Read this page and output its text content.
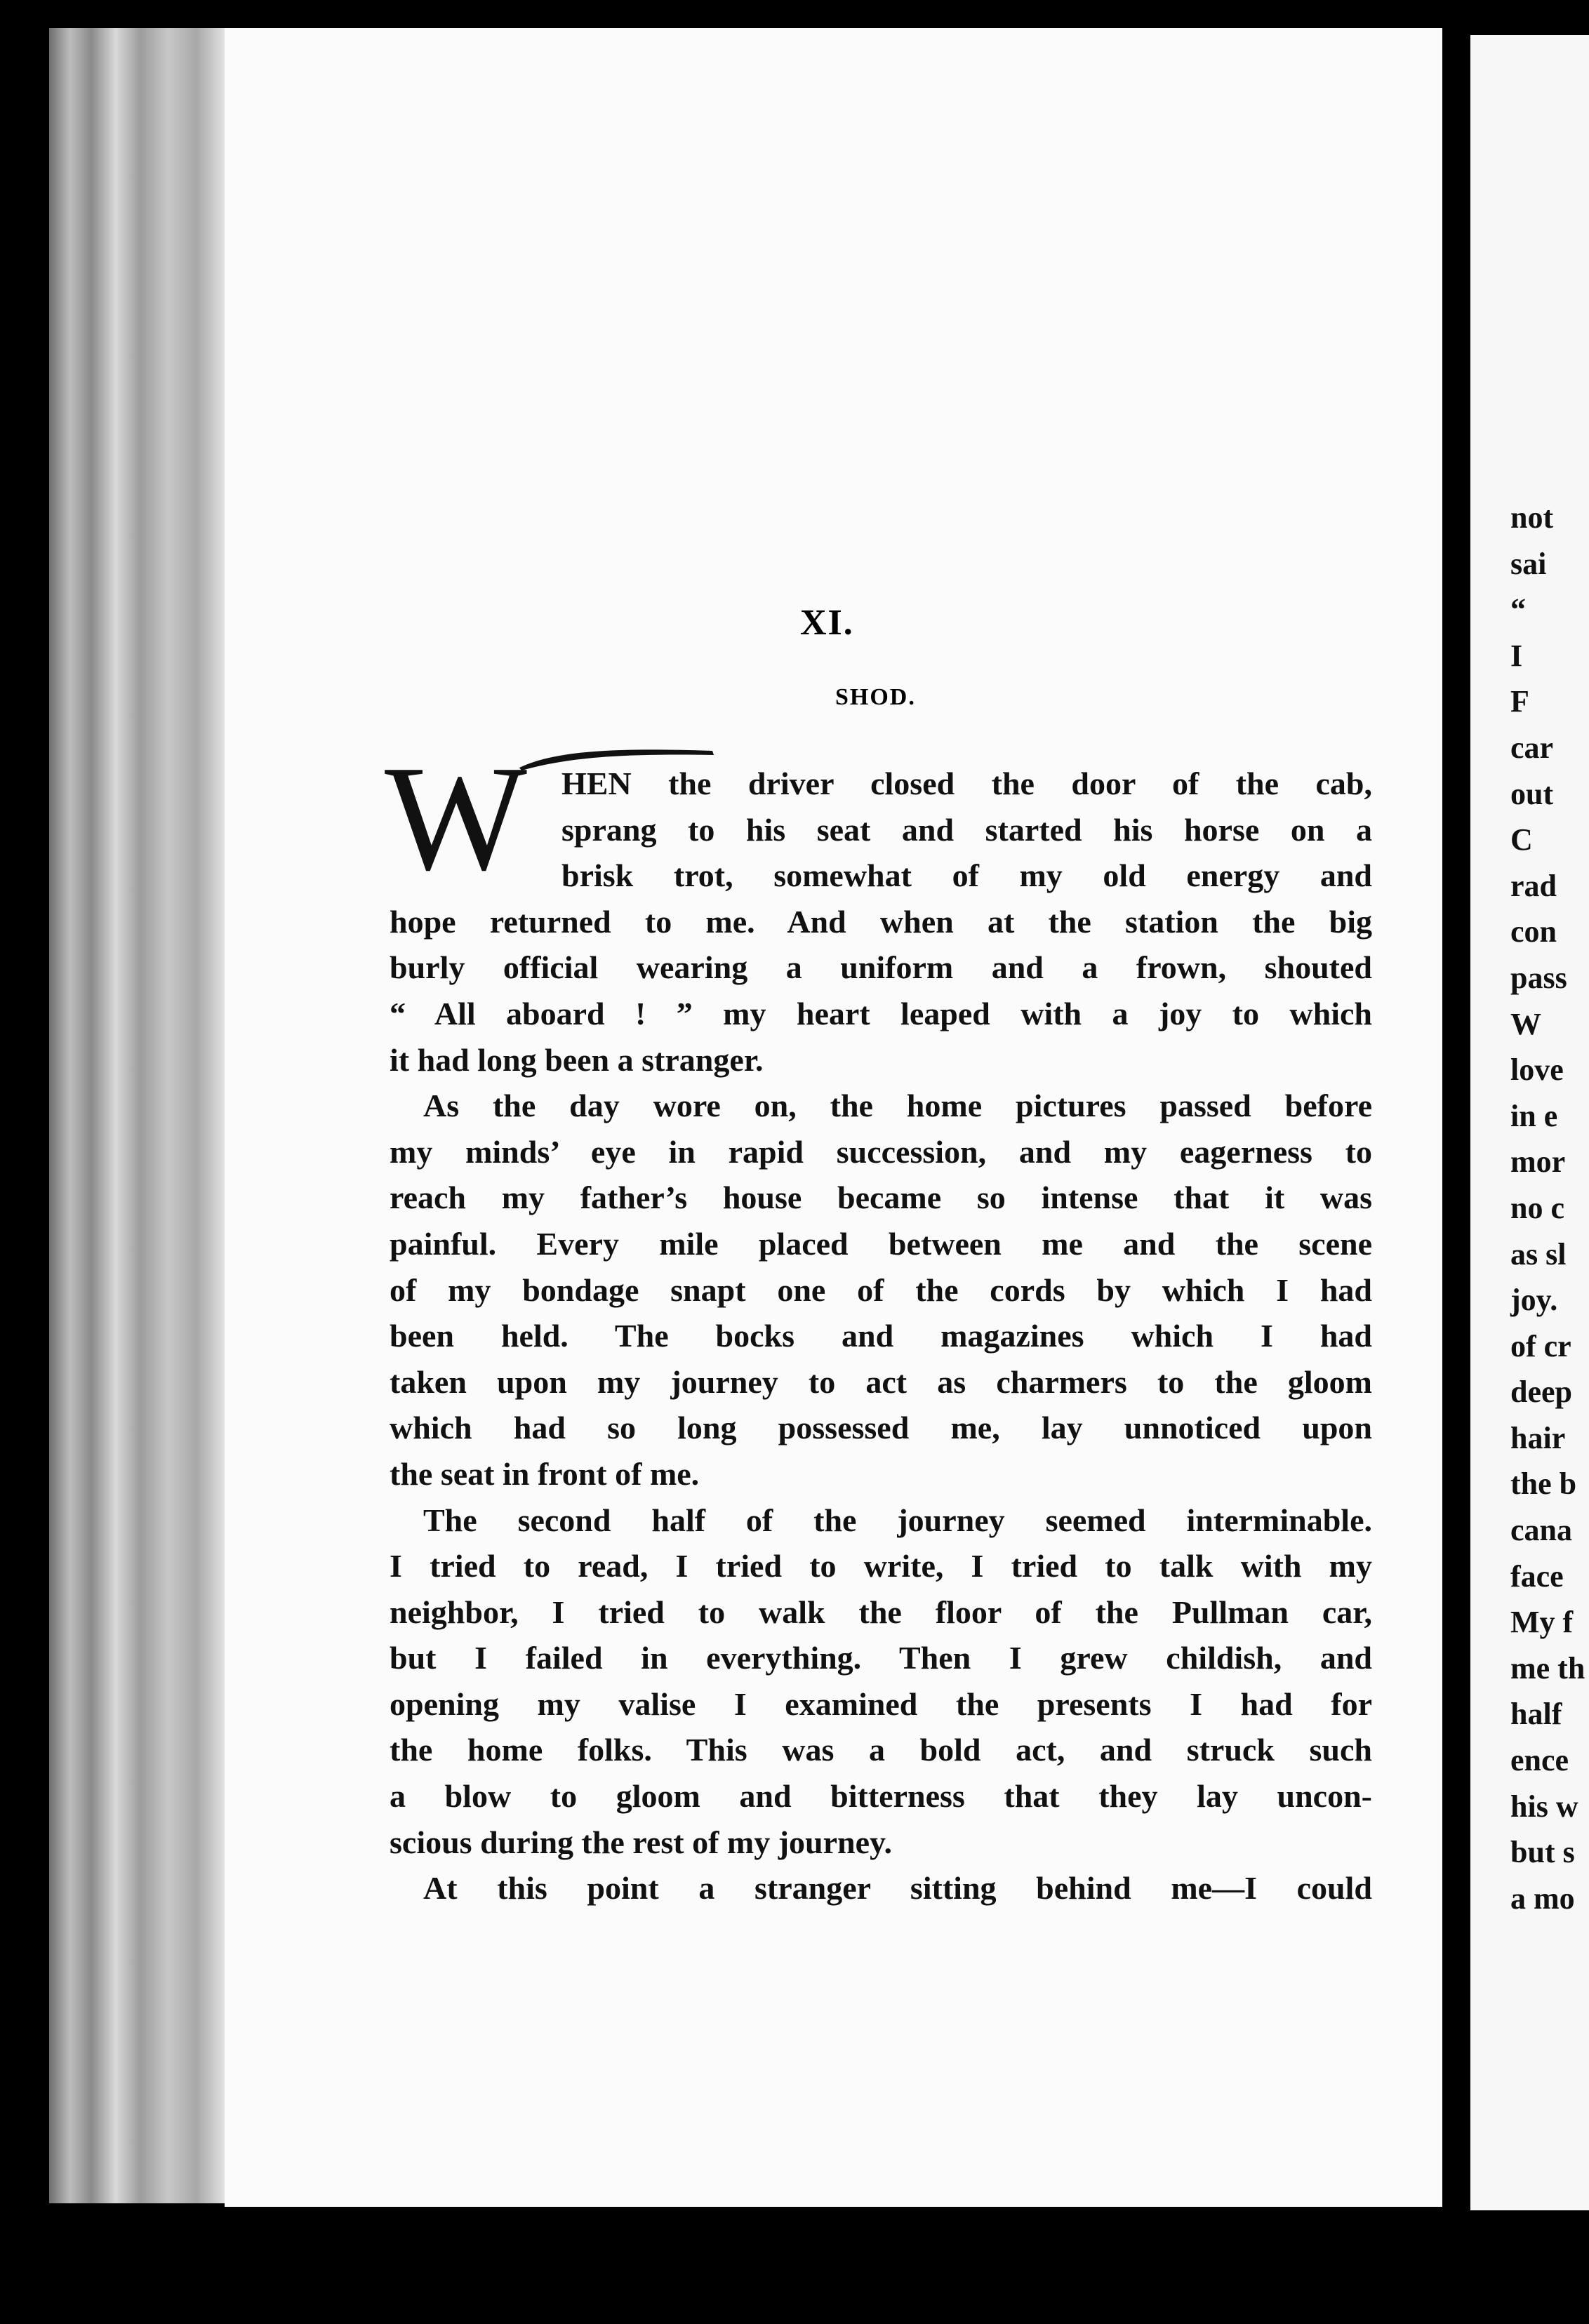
XI.
SHOD.
W HEN the driver closed the door of the cab,
sprang to his seat and started his horse on a
brisk trot, somewhat of my old energy and
hope returned to me. And when at the station the big
burly official wearing a uniform and a frown, shouted
“ All aboard ! ” my heart leaped with a joy to which
it had long been a stranger.
As the day wore on, the home pictures passed before
my minds’ eye in rapid succession, and my eagerness to
reach my father’s house became so intense that it was
painful. Every mile placed between me and the scene
of my bondage snapt one of the cords by which I had
been held. The bocks and magazines which I had
taken upon my journey to act as charmers to the gloom
which had so long possessed me, lay unnoticed upon
the seat in front of me.
The second half of the journey seemed interminable.
I tried to read, I tried to write, I tried to talk with my
neighbor, I tried to walk the floor of the Pullman car,
but I failed in everything. Then I grew childish, and
opening my valise I examined the presents I had for
the home folks. This was a bold act, and struck such
a blow to gloom and bitterness that they lay uncon-
scious during the rest of my journey.
At this point a stranger sitting behind me—I could
not
sai
“
I
F
car
out
C
rad
con
pass
W
love
in e
mor
no c
as sl
joy.
of cr
deep
hair
the b
cana
face
My f
me th
half
ence
his w
but s
a mo
